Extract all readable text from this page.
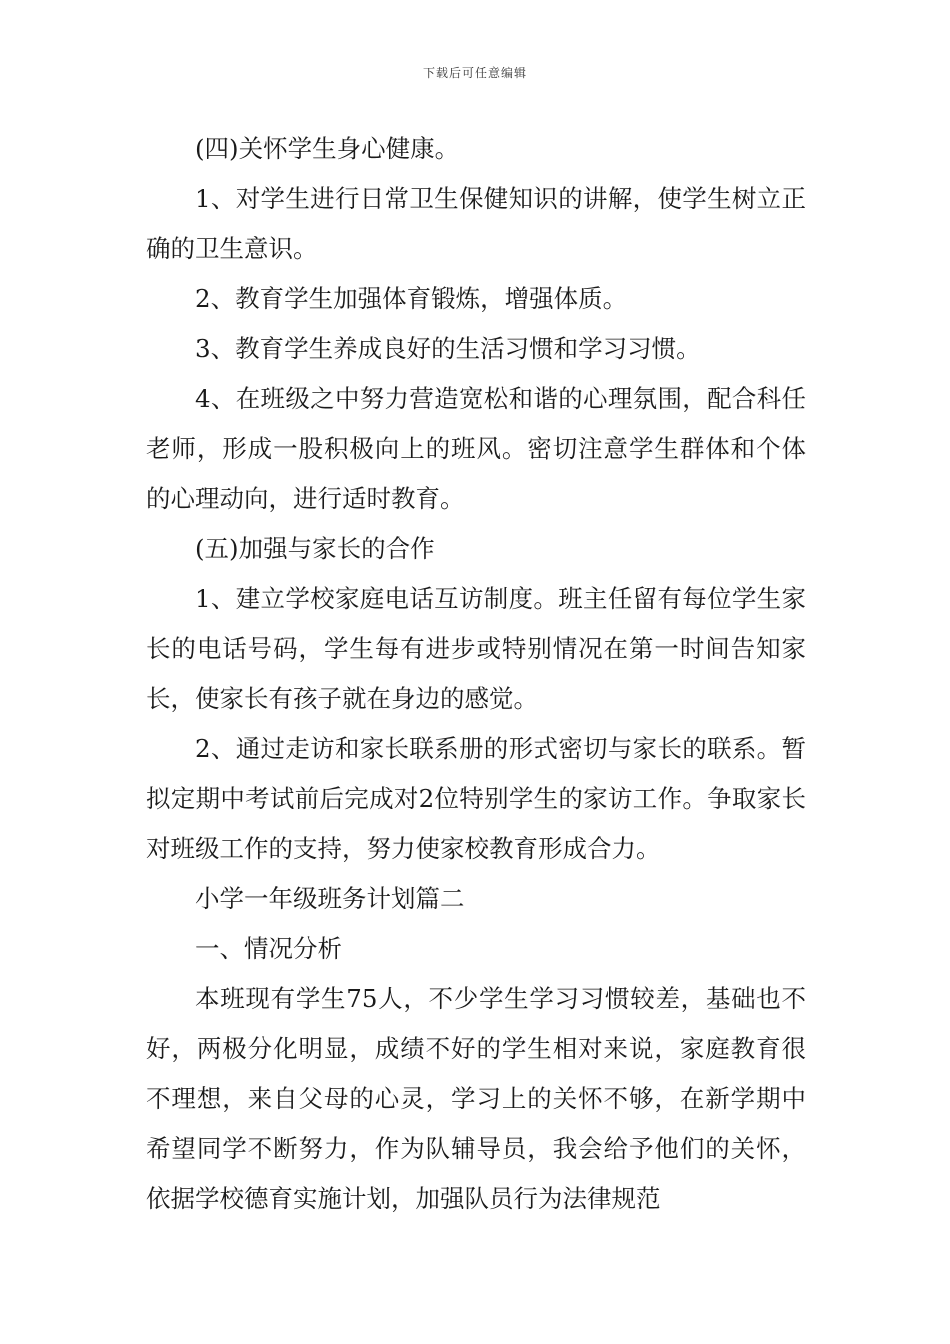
下载后可任意编辑

(四)关怀学生身心健康。

1、对学生进行日常卫生保健知识的讲解，使学生树立正确的卫生意识。

2、教育学生加强体育锻炼，增强体质。

3、教育学生养成良好的生活习惯和学习习惯。

4、在班级之中努力营造宽松和谐的心理氛围，配合科任老师，形成一股积极向上的班风。密切注意学生群体和个体的心理动向，进行适时教育。

(五)加强与家长的合作

1、建立学校家庭电话互访制度。班主任留有每位学生家长的电话号码，学生每有进步或特别情况在第一时间告知家长，使家长有孩子就在身边的感觉。

2、通过走访和家长联系册的形式密切与家长的联系。暂拟定期中考试前后完成对2位特别学生的家访工作。争取家长对班级工作的支持，努力使家校教育形成合力。

小学一年级班务计划篇二

一、情况分析

本班现有学生75人，不少学生学习习惯较差，基础也不好，两极分化明显，成绩不好的学生相对来说，家庭教育很不理想，来自父母的心灵，学习上的关怀不够，在新学期中希望同学不断努力，作为队辅导员，我会给予他们的关怀，依据学校德育实施计划，加强队员行为法律规范
